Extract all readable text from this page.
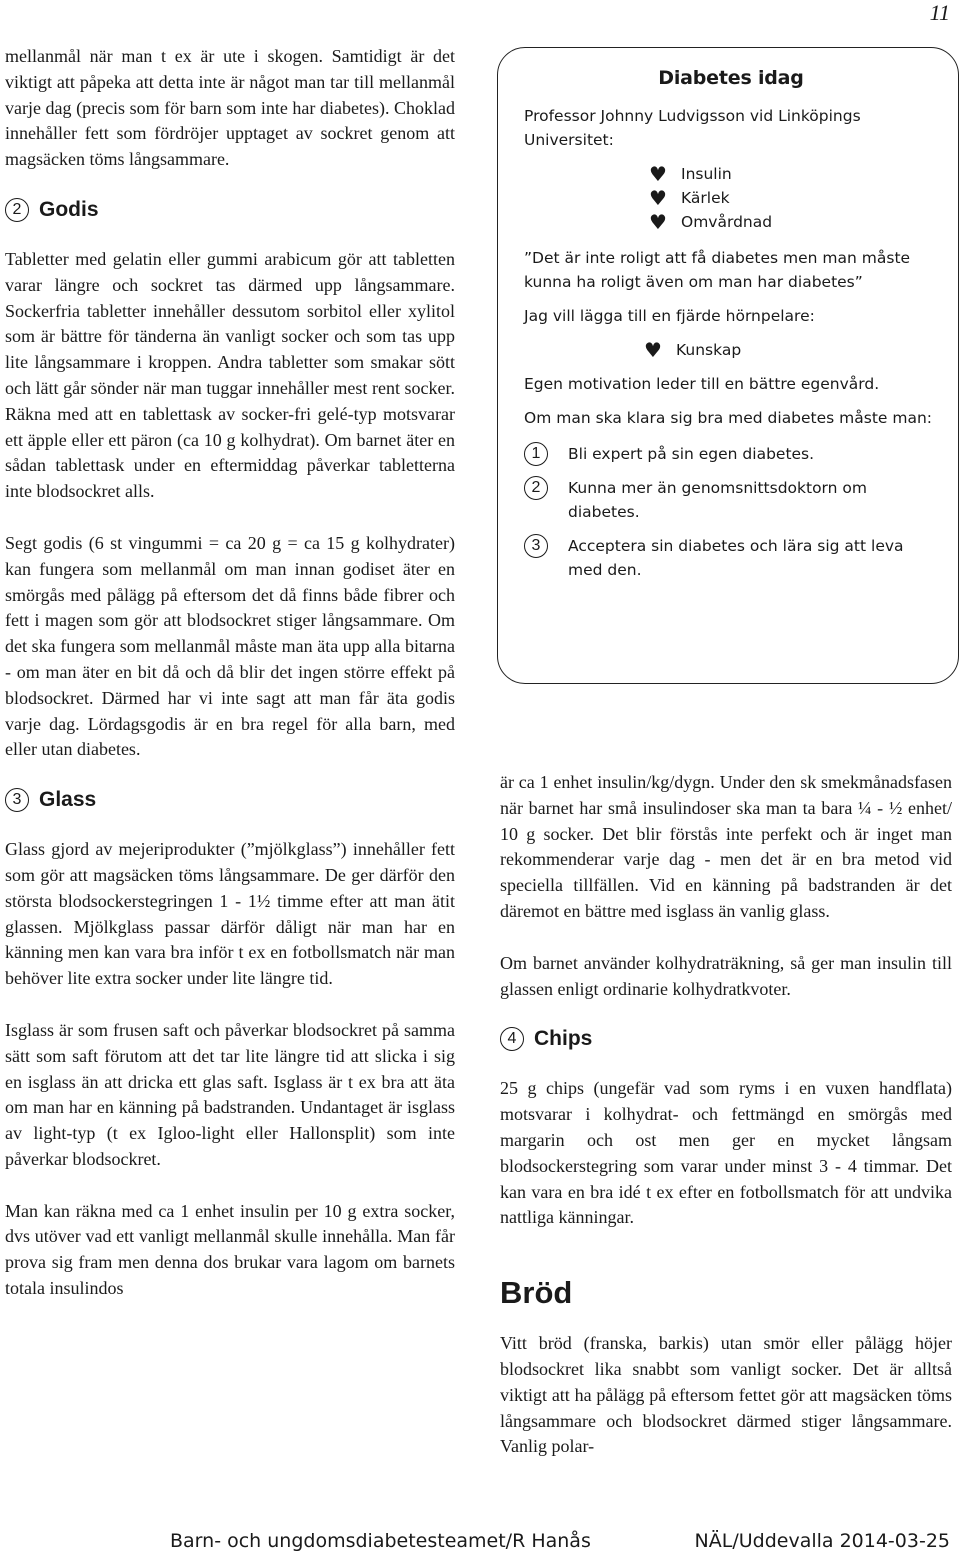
11

mellanmål när man t ex är ute i skogen. Samtidigt är det viktigt att påpeka att detta inte är något man tar till mellanmål varje dag (precis som för barn som inte har diabetes). Choklad innehåller fett som fördröjer upptaget av sockret genom att magsäcken töms långsammare.

2 Godis

Tabletter med gelatin eller gummi arabicum gör att tabletten varar längre och sockret tas därmed upp långsammare. Sockerfria tabletter innehåller dessutom sorbitol eller xylitol som är bättre för tänderna än vanligt socker och som tas upp lite långsammare i kroppen. Andra tabletter som smakar sött och lätt går sönder när man tuggar innehåller mest rent socker. Räkna med att en tablettask av socker-fri gelé-typ motsvarar ett äpple eller ett päron (ca 10 g kolhydrat). Om barnet äter en sådan tablettask under en eftermiddag påverkar tabletterna inte blodsockret alls.

Segt godis (6 st vingummi = ca 20 g = ca 15 g kolhydrater) kan fungera som mellanmål om man innan godiset äter en smörgås med pålägg på eftersom det då finns både fibrer och fett i magen som gör att blodsockret stiger långsammare. Om det ska fungera som mellanmål måste man äta upp alla bitarna - om man äter en bit då och då blir det ingen större effekt på blodsockret. Därmed har vi inte sagt att man får äta godis varje dag. Lördagsgodis är en bra regel för alla barn, med eller utan diabetes.

3 Glass

Glass gjord av mejeriprodukter (”mjölkglass”) innehåller fett som gör att magsäcken töms långsammare. De ger därför den största blodsockerstegringen 1 - 1½ timme efter att man ätit glassen. Mjölkglass passar därför dåligt när man har en känning men kan vara bra inför t ex en fotbollsmatch när man behöver lite extra socker under lite längre tid.

Isglass är som frusen saft och påverkar blodsockret på samma sätt som saft förutom att det tar lite längre tid att slicka i sig en isglass än att dricka ett glas saft. Isglass är t ex bra att äta om man har en känning på badstranden. Undantaget är isglass av light-typ (t ex Igloo-light eller Hallonsplit) som inte påverkar blodsockret.

Man kan räkna med ca 1 enhet insulin per 10 g extra socker, dvs utöver vad ett vanligt mellanmål skulle innehålla. Man får prova sig fram men denna dos brukar vara lagom om barnets totala insulindos

Diabetes idag

Professor Johnny Ludvigsson vid Linköpings Universitet:

♥ Insulin
♥ Kärlek
♥ Omvårdnad

”Det är inte roligt att få diabetes men man måste kunna ha roligt även om man har diabetes”

Jag vill lägga till en fjärde hörnpelare:

♥ Kunskap

Egen motivation leder till en bättre egenvård.

Om man ska klara sig bra med diabetes måste man:

1	Bli expert på sin egen diabetes.
2	Kunna mer än genomsnittsdoktorn om diabetes.
3	Acceptera sin diabetes och lära sig att leva med den.

är ca 1 enhet insulin/kg/dygn. Under den sk smekmånadsfasen när barnet har små insulindoser ska man ta bara ¼ - ½ enhet/ 10 g socker. Det blir förstås inte perfekt och är inget man rekommenderar varje dag - men det är en bra metod vid speciella tillfällen. Vid en känning på badstranden är det däremot en bättre med isglass än vanlig glass.

Om barnet använder kolhydraträkning, så ger man insulin till glassen enligt ordinarie kolhydratkvoter.

4 Chips

25 g chips (ungefär vad som ryms i en vuxen handflata) motsvarar i kolhydrat- och fettmängd en smörgås med margarin och ost men ger en mycket långsam blodsockerstegring som varar under minst 3 - 4 timmar. Det kan vara en bra idé t ex efter en fotbollsmatch för att undvika nattliga känningar.

Bröd

Vitt bröd (franska, barkis) utan smör eller pålägg höjer blodsockret lika snabbt som vanligt socker. Det är alltså viktigt att ha pålägg på eftersom fettet gör att magsäcken töms långsammare och blodsockret därmed stiger långsammare. Vanlig polar-

Barn- och ungdomsdiabetesteamet/R Hanås	NÄL/Uddevalla 2014-03-25
